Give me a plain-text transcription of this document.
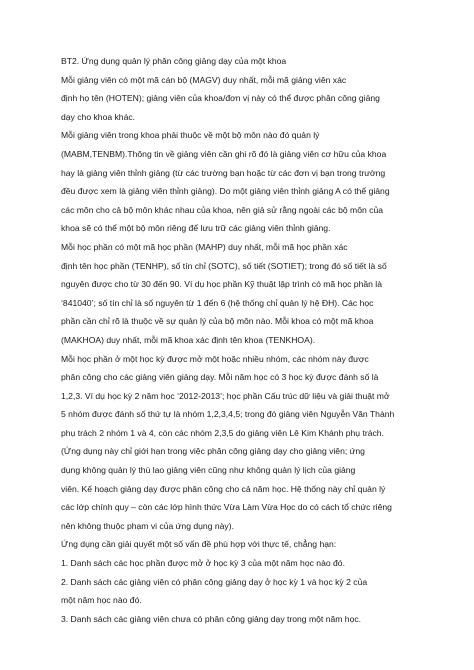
BT2. Ứng dụng quản lý phân công giảng dạy của một khoa
Mỗi giảng viên có một mã cán bộ (MAGV) duy nhất, mỗi mã giảng viên xác
định họ tên (HOTEN); giảng viên của khoa/đơn vị này có thể được phân công giảng
dạy cho khoa khác.
Mỗi giảng viên trong khoa phải thuộc về một bộ môn nào đó quản lý
(MABM,TENBM).Thông tin về giảng viên cần ghi rõ đó là giảng viên cơ hữu của khoa
hay là giảng viên thỉnh giảng (từ các trường bạn hoặc từ các đơn vị bạn trong trường
đều được xem là giảng viên thỉnh giảng). Do một giảng viên thỉnh giảng A có thể giảng
các môn cho cả bộ môn khác nhau của khoa, nên giả sử rằng ngoài các bộ môn của
khoa sẽ có thể một bộ môn riêng để lưu trữ các giảng viên thỉnh giảng.
Mỗi học phần có một mã học phần (MAHP) duy nhất, mỗi mã học phần xác
định tên học phần (TENHP), số tín chỉ (SOTC), số tiết (SOTIET); trong đó số tiết là số
nguyên được cho từ 30 đến 90. Ví dụ học phần Kỹ thuật lập trình có mã học phần là
‘841040’; số tín chỉ là số nguyên từ 1 đến 6 (hệ thống chỉ quản lý hệ ĐH). Các học
phần cần chỉ rõ là thuộc về sự quản lý của bộ môn nào. Mỗi khoa có một mã khoa
(MAKHOA) duy nhất, mỗi mã khoa xác định tên khoa (TENKHOA).
Mỗi học phần ở một học kỳ được mở một hoặc nhiều nhóm, các nhóm này được
phân công cho các giảng viên giảng dạy. Mỗi năm học có 3 học kỳ được đánh số là
1,2,3. Ví dụ học kỳ 2 năm học ‘2012-2013’; học phần Cấu trúc dữ liệu và giải thuật mở
5 nhóm được đánh số thứ tự là nhóm 1,2,3,4,5; trong đó giảng viên Nguyễn Văn Thành
phụ trách 2 nhóm 1 và 4, còn các nhóm 2,3,5 do giảng viên Lê Kim Khánh phụ trách.
(Ứng dụng này chỉ giới hạn trong việc phân công giảng dạy cho giảng viên; ứng
dụng không quản lý thù lao giảng viên cũng như không quản lý lịch của giảng
viên. Kế hoạch giảng dạy được phân công cho cả năm học. Hệ thống này chỉ quản lý
các lớp chính quy – còn các lớp hình thức Vừa Làm Vừa Học do có cách tổ chức riêng
nên không thuộc phạm vi của ứng dụng này).
Ứng dụng cần giải quyết một số vấn đề phù hợp với thực tế, chẳng hạn:
1. Danh sách các học phần được mở ở học kỳ 3 của một năm học nào đó.
2. Danh sách các giảng viên có phân công giảng dạy ở học kỳ 1 và học kỳ 2 của
một năm học nào đó.
3. Danh sách các giảng viên chưa có phân công giảng dạy trong một năm học.
